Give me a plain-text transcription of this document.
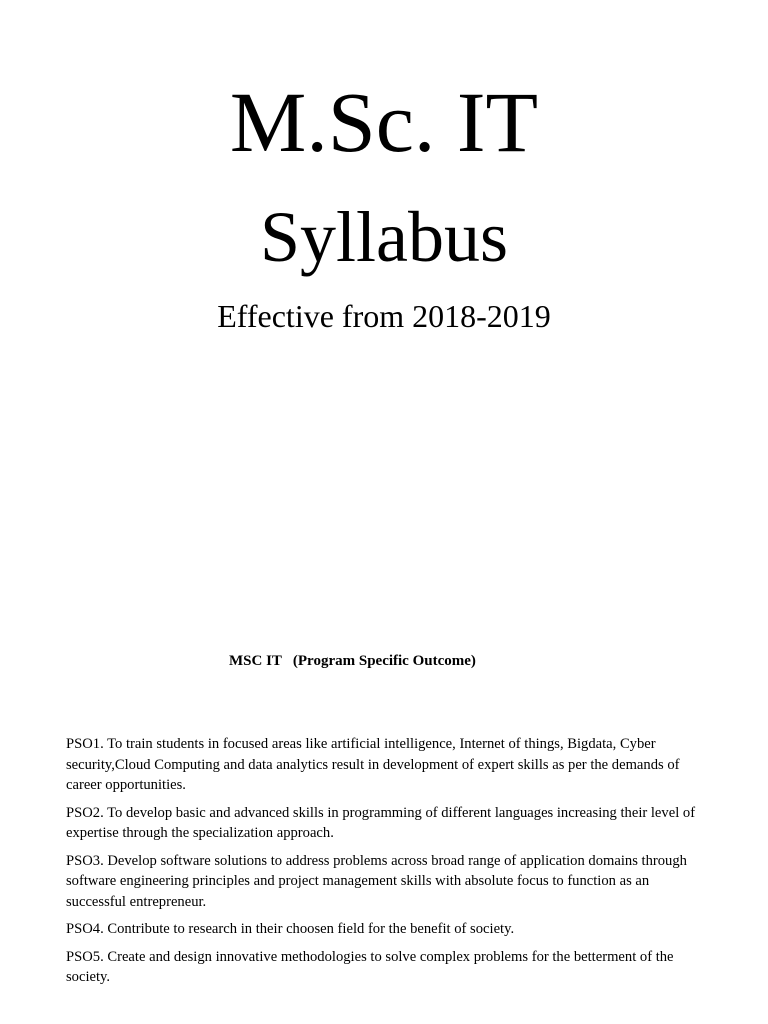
M.Sc. IT
Syllabus

Effective from 2018-2019

MSC IT   (Program Specific Outcome)

PSO1. To train students in focused areas like artificial intelligence, Internet of things, Bigdata, Cyber security,Cloud Computing and data analytics result in development of expert skills as per the demands of career opportunities.
PSO2. To develop basic and advanced skills in programming of different languages increasing their level of expertise through the specialization approach.
PSO3. Develop software solutions to address problems across broad range of application domains through software engineering principles and project management skills with absolute focus to function as an successful entrepreneur.
PSO4. Contribute to research in their choosen field for the benefit of society.
PSO5. Create and design innovative methodologies to solve complex problems for the betterment of the society.
